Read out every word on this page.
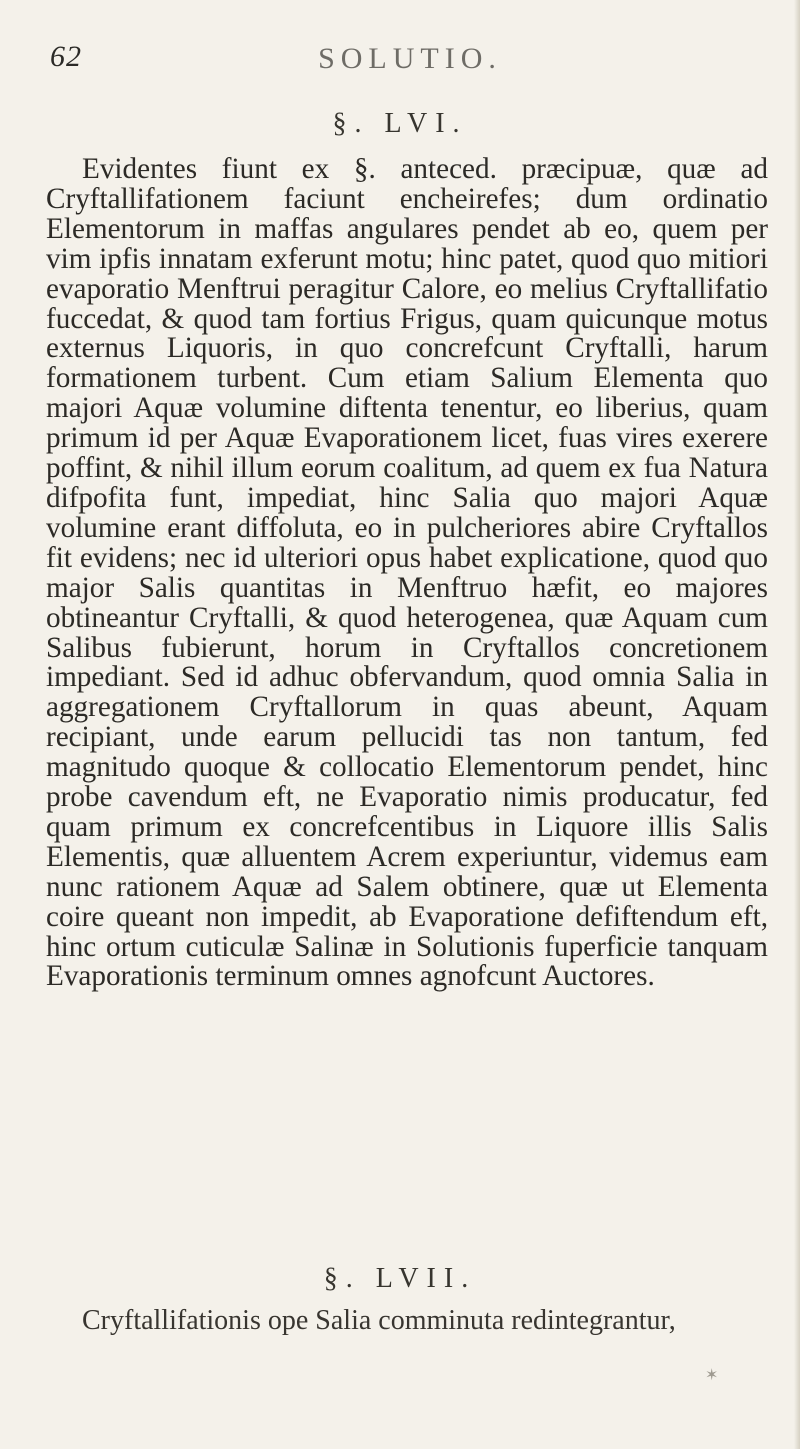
62	SOLUTIO.
§. LVI.

Evidentes fiunt ex §. anteced. præcipuæ, quæ ad Cryftallifationem faciunt encheirefes; dum ordinatio Elementorum in maffas angulares pendet ab eo, quem per vim ipfis innatam exferunt motu; hinc patet, quod quo mitiori evaporatio Menftrui peragitur Calore, eo melius Cryftallifatio fuccedat, & quod tam fortius Frigus, quam quicunque motus externus Liquoris, in quo concrefcunt Cryftalli, harum formationem turbent. Cum etiam Salium Elementa quo majori Aquæ volumine diftenta tenentur, eo liberius, quam primum id per Aquæ Evaporationem licet, fuas vires exerere poffint, & nihil illum eorum coalitum, ad quem ex fua Natura difpofita funt, impediat, hinc Salia quo majori Aquæ volumine erant diffoluta, eo in pulcheriores abire Cryftallos fit evidens; nec id ulteriori opus habet explicatione, quod quo major Salis quantitas in Menftruo hæfit, eo majores obtineantur Cryftalli, & quod heterogenea, quæ Aquam cum Salibus fubierunt, horum in Cryftallos concretionem impediant. Sed id adhuc obfervandum, quod omnia Salia in aggregationem Cryftallorum in quas abeunt, Aquam recipiant, unde earum pellucidi tas non tantum, fed magnitudo quoque & collocatio Elementorum pendet, hinc probe cavendum eft, ne Evaporatio nimis producatur, fed quam primum ex concrefcentibus in Liquore illis Salis Elementis, quæ alluentem Acrem experiuntur, videmus eam nunc rationem Aquæ ad Salem obtinere, quæ ut Elementa coire queant non impedit, ab Evaporatione defiftendum eft, hinc ortum cuticulæ Salinæ in Solutionis fuperficie tanquam Evaporationis terminum omnes agnofcunt Auctores.

§. LVII.

Cryftallifationis ope Salia comminuta redintegrantur,

✶
